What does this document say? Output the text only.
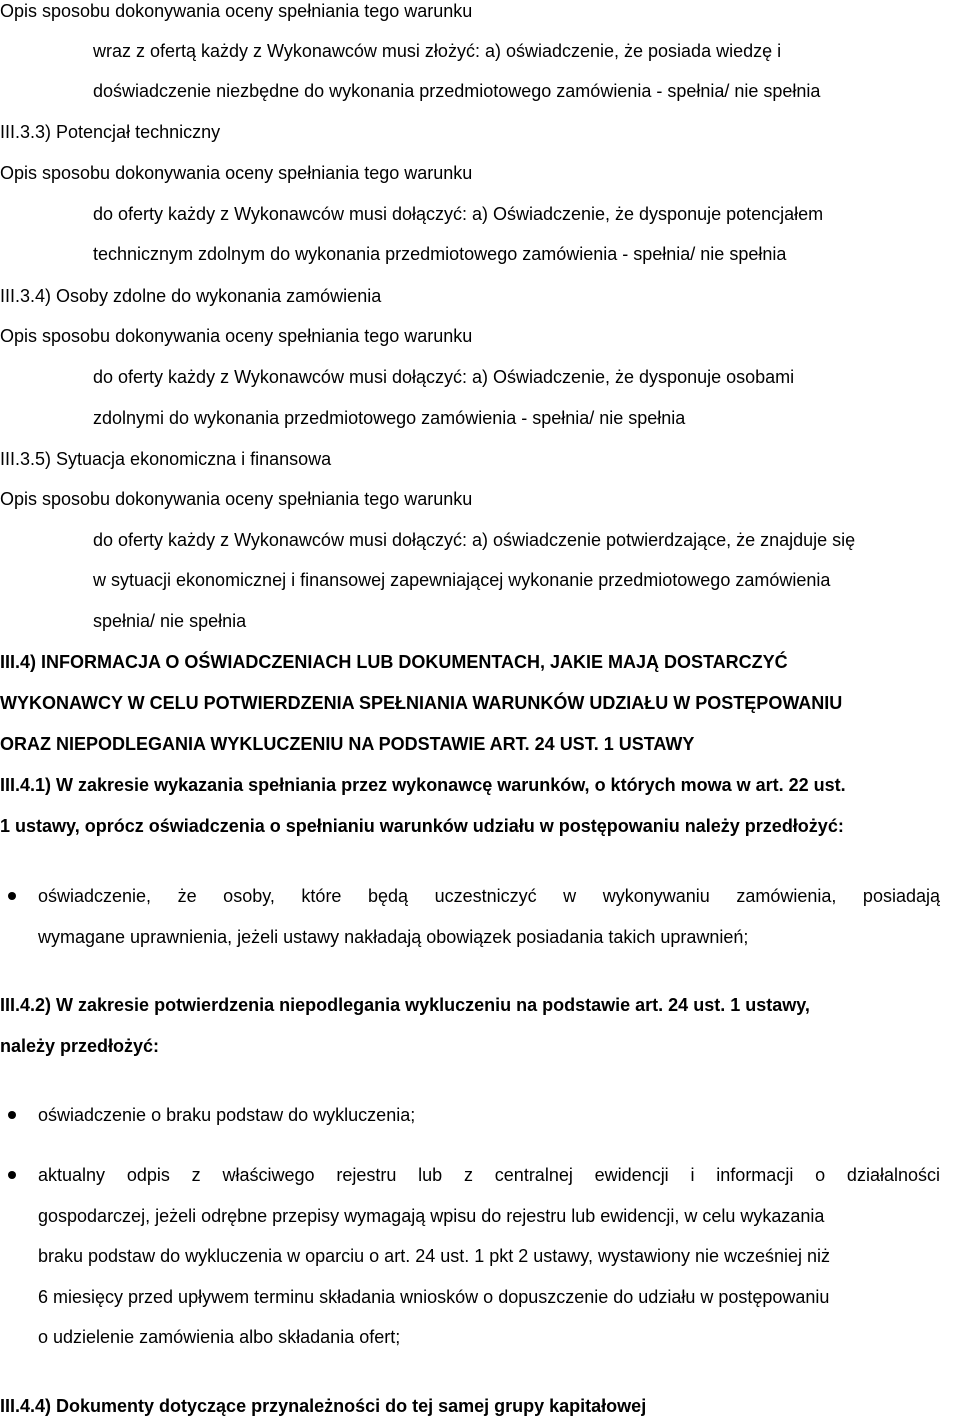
Opis sposobu dokonywania oceny spełniania tego warunku
wraz z ofertą każdy z Wykonawców musi złożyć: a) oświadczenie, że posiada wiedzę i
doświadczenie niezbędne do wykonania przedmiotowego zamówienia - spełnia/ nie spełnia
III.3.3) Potencjał techniczny
Opis sposobu dokonywania oceny spełniania tego warunku
do oferty każdy z Wykonawców musi dołączyć: a) Oświadczenie, że dysponuje potencjałem
technicznym zdolnym do wykonania przedmiotowego zamówienia - spełnia/ nie spełnia
III.3.4) Osoby zdolne do wykonania zamówienia
Opis sposobu dokonywania oceny spełniania tego warunku
do oferty każdy z Wykonawców musi dołączyć: a) Oświadczenie, że dysponuje osobami
zdolnymi do wykonania przedmiotowego zamówienia - spełnia/ nie spełnia
III.3.5) Sytuacja ekonomiczna i finansowa
Opis sposobu dokonywania oceny spełniania tego warunku
do oferty każdy z Wykonawców musi dołączyć: a) oświadczenie potwierdzające, że znajduje się
w sytuacji ekonomicznej i finansowej zapewniającej wykonanie przedmiotowego zamówienia
spełnia/ nie spełnia
III.4) INFORMACJA O OŚWIADCZENIACH LUB DOKUMENTACH, JAKIE MAJĄ DOSTARCZYĆ
WYKONAWCY W CELU POTWIERDZENIA SPEŁNIANIA WARUNKÓW UDZIAŁU W POSTĘPOWANIU
ORAZ NIEPODLEGANIA WYKLUCZENIU NA PODSTAWIE ART. 24 UST. 1 USTAWY
III.4.1) W zakresie wykazania spełniania przez wykonawcę warunków, o których mowa w art. 22 ust.
1 ustawy, oprócz oświadczenia o spełnianiu warunków udziału w postępowaniu należy przedłożyć:
oświadczenie, że osoby, które będą uczestniczyć w wykonywaniu zamówienia, posiadają
wymagane uprawnienia, jeżeli ustawy nakładają obowiązek posiadania takich uprawnień;
III.4.2) W zakresie potwierdzenia niepodlegania wykluczeniu na podstawie art. 24 ust. 1 ustawy,
należy przedłożyć:
oświadczenie o braku podstaw do wykluczenia;
aktualny odpis z właściwego rejestru lub z centralnej ewidencji i informacji o działalności
gospodarczej, jeżeli odrębne przepisy wymagają wpisu do rejestru lub ewidencji, w celu wykazania
braku podstaw do wykluczenia w oparciu o art. 24 ust. 1 pkt 2 ustawy, wystawiony nie wcześniej niż
6 miesięcy przed upływem terminu składania wniosków o dopuszczenie do udziału w postępowaniu
o udzielenie zamówienia albo składania ofert;
III.4.4) Dokumenty dotyczące przynależności do tej samej grupy kapitałowej
